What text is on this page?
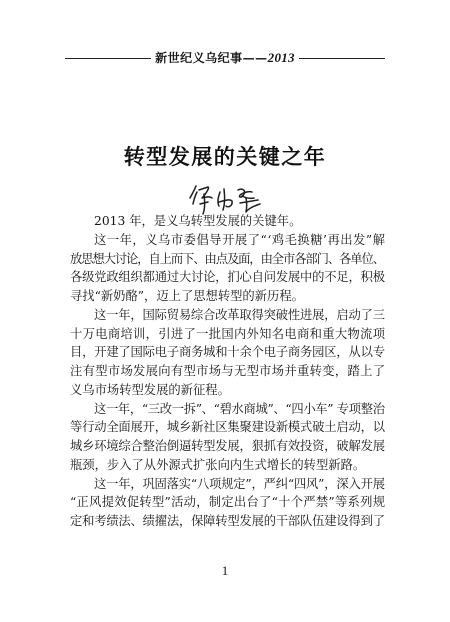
新世纪义乌纪事——2013
转型发展的关键之年
2013 年，是义乌转型发展的关键年。
这一年，义乌市委倡导开展了“‘鸡毛换糖’再出发”解
放思想大讨论，自上而下、由点及面，由全市各部门、各单位、
各级党政组织都通过大讨论，扪心自问发展中的不足，积极
寻找“新奶酪”，迈上了思想转型的新历程。
这一年，国际贸易综合改革取得突破性进展，启动了三
十万电商培训，引进了一批国内外知名电商和重大物流项
目，开建了国际电子商务城和十余个电子商务园区，从以专
注有型市场发展向有型市场与无型市场并重转变，踏上了
义乌市场转型发展的新征程。
这一年，“三改一拆”、“碧水商城”、“四小车” 专项整治
等行动全面展开，城乡新社区集聚建设新模式破土启动，以
城乡环境综合整治倒逼转型发展，狠抓有效投资，破解发展
瓶颈，步入了从外源式扩张向内生式增长的转型新路。
这一年，巩固落实“八项规定”，严纠“四风”，深入开展
“正风提效促转型”活动，制定出台了“十个严禁”等系列规
定和考绩法、绩擢法，保障转型发展的干部队伍建设得到了
1
